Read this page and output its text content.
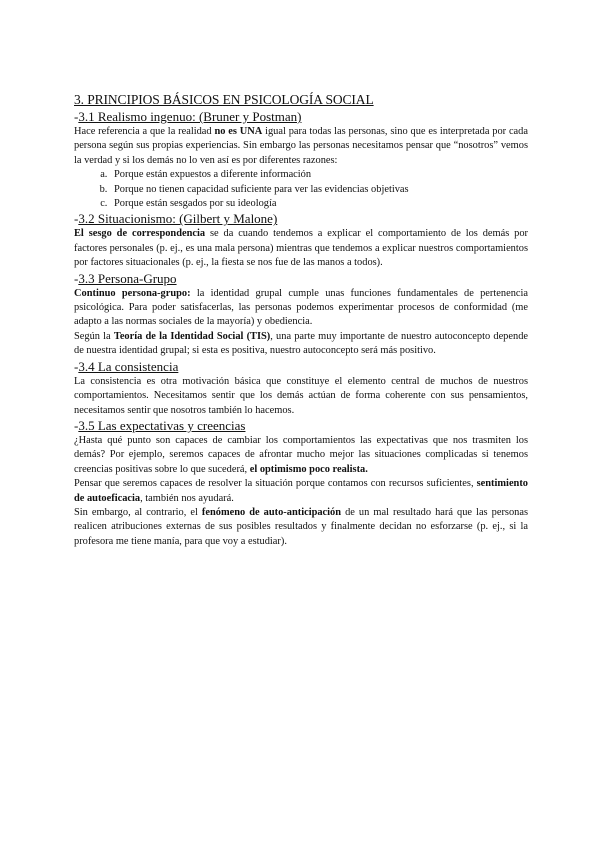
3. PRINCIPIOS BÁSICOS EN PSICOLOGÍA SOCIAL
-3.1 Realismo ingenuo: (Bruner y Postman)

Hace referencia a que la realidad no es UNA igual para todas las personas, sino que es interpretada por cada persona según sus propias experiencias. Sin embargo las personas necesitamos pensar que “nosotros” vemos la verdad y si los demás no lo ven así es por diferentes razones:

a. Porque están expuestos a diferente información
b. Porque no tienen capacidad suficiente para ver las evidencias objetivas
c. Porque están sesgados por su ideología
-3.2 Situacionismo: (Gilbert y Malone)

El sesgo de correspondencia se da cuando tendemos a explicar el comportamiento de los demás por factores personales (p. ej., es una mala persona) mientras que tendemos a explicar nuestros comportamientos por factores situacionales (p. ej., la fiesta se nos fue de las manos a todos).

-3.3 Persona-Grupo

Continuo persona-grupo: la identidad grupal cumple unas funciones fundamentales de pertenencia psicológica. Para poder satisfacerlas, las personas podemos experimentar procesos de conformidad (me adapto a las normas sociales de la mayoría) y obediencia.

Según la Teoría de la Identidad Social (TIS), una parte muy importante de nuestro autoconcepto depende de nuestra identidad grupal; si esta es positiva, nuestro autoconcepto será más positivo.

-3.4 La consistencia

La consistencia es otra motivación básica que constituye el elemento central de muchos de nuestros comportamientos. Necesitamos sentir que los demás actúan de forma coherente con sus pensamientos, necesitamos sentir que nosotros también lo hacemos.

-3.5 Las expectativas y creencias

¿Hasta qué punto son capaces de cambiar los comportamientos las expectativas que nos trasmiten los demás? Por ejemplo, seremos capaces de afrontar mucho mejor las situaciones complicadas si tenemos creencias positivas sobre lo que sucederá, el optimismo poco realista.

Pensar que seremos capaces de resolver la situación porque contamos con recursos suficientes, sentimiento de autoeficacia, también nos ayudará.

Sin embargo, al contrario, el fenómeno de auto-anticipación de un mal resultado hará que las personas realicen atribuciones externas de sus posibles resultados y finalmente decidan no esforzarse (p. ej., si la profesora me tiene manía, para que voy a estudiar).
